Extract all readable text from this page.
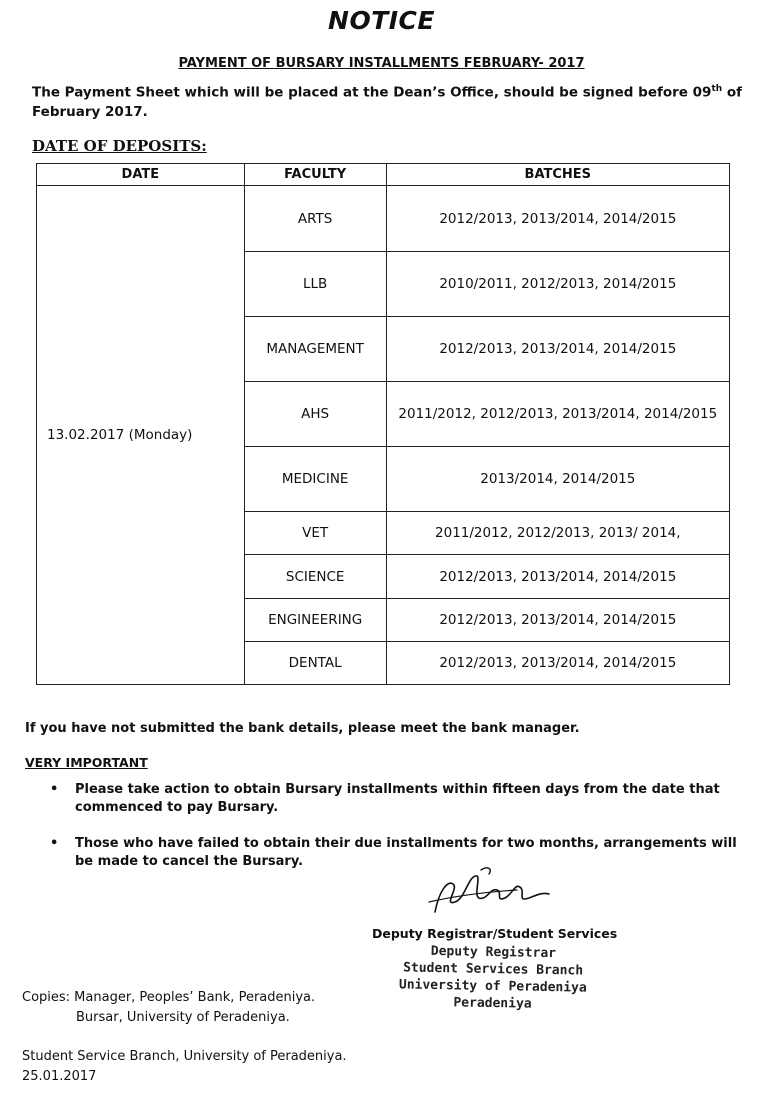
NOTICE
PAYMENT OF BURSARY INSTALLMENTS FEBRUARY- 2017
The Payment Sheet which will be placed at the Dean’s Office, should be signed before 09th of February 2017.
DATE OF DEPOSITS:
DATE	FACULTY	BATCHES
13.02.2017 (Monday)	ARTS	2012/2013, 2013/2014, 2014/2015
	LLB	2010/2011, 2012/2013, 2014/2015
	MANAGEMENT	2012/2013, 2013/2014, 2014/2015
	AHS	2011/2012, 2012/2013, 2013/2014, 2014/2015
	MEDICINE	2013/2014, 2014/2015
	VET	2011/2012, 2012/2013, 2013/ 2014,
	SCIENCE	2012/2013, 2013/2014, 2014/2015
	ENGINEERING	2012/2013, 2013/2014, 2014/2015
	DENTAL	2012/2013, 2013/2014, 2014/2015
If you have not submitted the bank details, please meet the bank manager.
VERY IMPORTANT
• Please take action to obtain Bursary installments within fifteen days from the date that commenced to pay Bursary.
• Those who have failed to obtain their due installments for two months, arrangements will be made to cancel the Bursary.
Deputy Registrar/Student Services
Deputy Registrar
Student Services Branch
University of Peradeniya
Peradeniya
Copies: Manager, Peoples’ Bank, Peradeniya.
Bursar, University of Peradeniya.
Student Service Branch, University of Peradeniya.
25.01.2017
